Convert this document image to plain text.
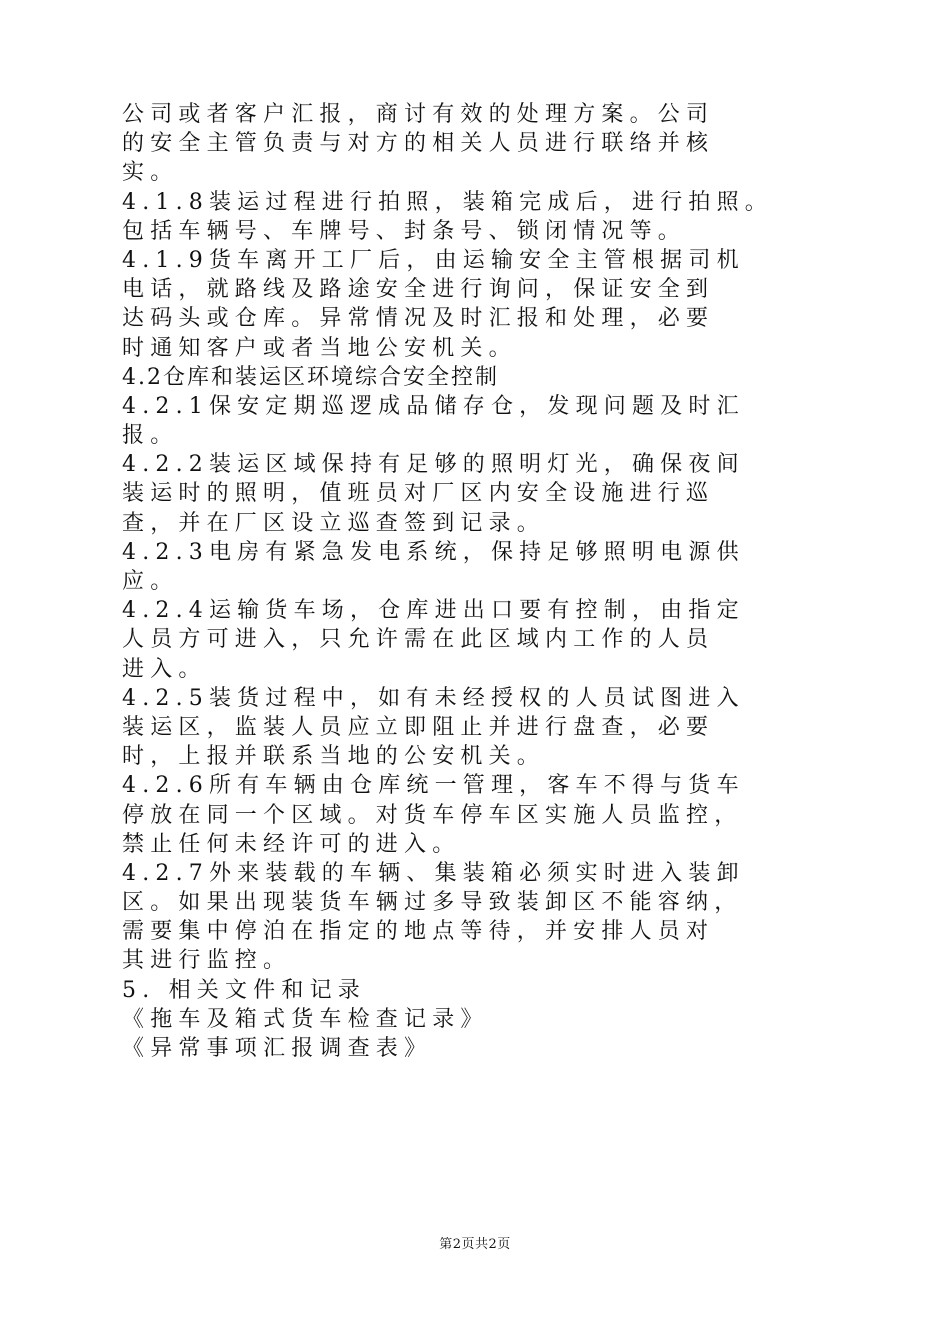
公司或者客户汇报，商讨有效的处理方案。公司
的安全主管负责与对方的相关人员进行联络并核
实。
4.1.8装运过程进行拍照，装箱完成后，进行拍照。
包括车辆号、车牌号、封条号、锁闭情况等。
4.1.9货车离开工厂后，由运输安全主管根据司机
电话，就路线及路途安全进行询问，保证安全到
达码头或仓库。异常情况及时汇报和处理，必要
时通知客户或者当地公安机关。
4.2仓库和装运区环境综合安全控制
4.2.1保安定期巡逻成品储存仓，发现问题及时汇
报。
4.2.2装运区域保持有足够的照明灯光，确保夜间
装运时的照明，值班员对厂区内安全设施进行巡
查，并在厂区设立巡查签到记录。
4.2.3电房有紧急发电系统，保持足够照明电源供
应。
4.2.4运输货车场，仓库进出口要有控制，由指定
人员方可进入，只允许需在此区域内工作的人员
进入。
4.2.5装货过程中，如有未经授权的人员试图进入
装运区，监装人员应立即阻止并进行盘查，必要
时，上报并联系当地的公安机关。
4.2.6所有车辆由仓库统一管理，客车不得与货车
停放在同一个区域。对货车停车区实施人员监控，
禁止任何未经许可的进入。
4.2.7外来装载的车辆、集装箱必须实时进入装卸
区。如果出现装货车辆过多导致装卸区不能容纳，
需要集中停泊在指定的地点等待，并安排人员对
其进行监控。
5. 相关文件和记录
《拖车及箱式货车检查记录》
《异常事项汇报调查表》
第2页共2页
